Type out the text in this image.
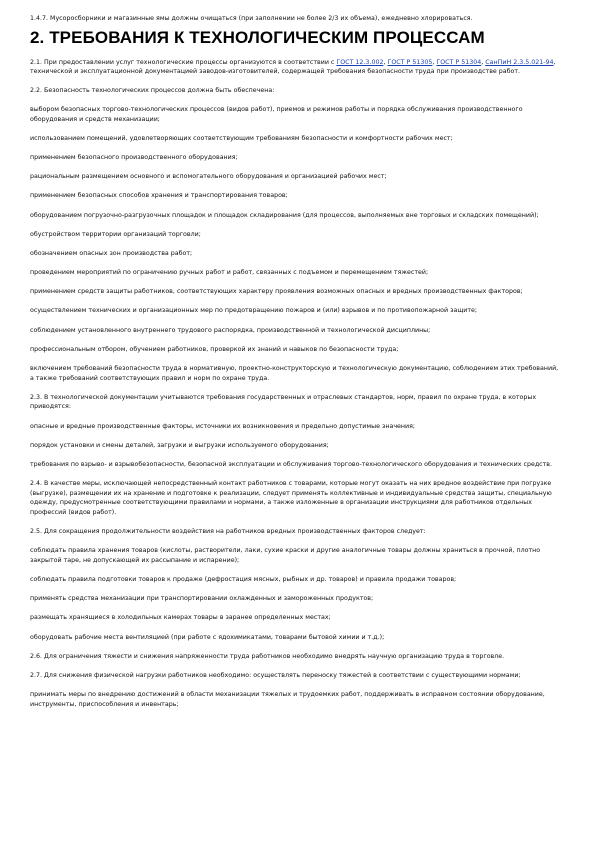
1.4.7. Мусоросборники и магазинные ямы должны очищаться (при заполнении не более 2/3 их объема), ежедневно хлорироваться.

2. ТРЕБОВАНИЯ К ТЕХНОЛОГИЧЕСКИМ ПРОЦЕССАМ

2.1. При предоставлении услуг технологические процессы организуются в соответствии с ГОСТ 12.3.002, ГОСТ Р 51305, ГОСТ Р 51304, СанПиН 2.3.5.021-94, технической и эксплуатационной документацией заводов-изготовителей, содержащей требования безопасности труда при производстве работ.

2.2. Безопасность технологических процессов должна быть обеспечена:

выбором безопасных торгово-технологических процессов (видов работ), приемов и режимов работы и порядка обслуживания производственного оборудования и средств механизации;

использованием помещений, удовлетворяющих соответствующим требованиям безопасности и комфортности рабочих мест;

применением безопасного производственного оборудования;

рациональным размещением основного и вспомогательного оборудования и организацией рабочих мест;

применением безопасных способов хранения и транспортирования товаров;

оборудованием погрузочно-разгрузочных площадок и площадок складирования (для процессов, выполняемых вне торговых и складских помещений);

обустройством территории организаций торговли;

обозначением опасных зон производства работ;

проведением мероприятий по ограничению ручных работ и работ, связанных с подъемом и перемещением тяжестей;

применением средств защиты работников, соответствующих характеру проявления возможных опасных и вредных производственных факторов;

осуществлением технических и организационных мер по предотвращению пожаров и (или) взрывов и по противопожарной защите;

соблюдением установленного внутреннего трудового распорядка, производственной и технологической дисциплины;

профессиональным отбором, обучением работников, проверкой их знаний и навыков по безопасности труда;

включением требований безопасности труда в нормативную, проектно-конструкторскую и технологическую документацию, соблюдением этих требований, а также требований соответствующих правил и норм по охране труда.

2.3. В технологической документации учитываются требования государственных и отраслевых стандартов, норм, правил по охране труда, в которых приводятся:

опасные и вредные производственные факторы, источники их возникновения и предельно допустимые значения;

порядок установки и смены деталей, загрузки и выгрузки используемого оборудования;

требования по взрыво- и взрывобезопасности, безопасной эксплуатации и обслуживания торгово-технологического оборудования и технических средств.

2.4. В качестве меры, исключающей непосредственный контакт работников с товарами, которые могут оказать на них вредное воздействие при погрузке (выгрузке), размещении их на хранение и подготовке к реализации, следует применять коллективные и индивидуальные средства защиты, специальную одежду, предусмотренные соответствующими правилами и нормами, а также изложенные в организации инструкциями для работников отдельных профессий (видов работ).

2.5. Для сокращения продолжительности воздействия на работников вредных производственных факторов следует:

соблюдать правила хранения товаров (кислоты, растворители, лаки, сухие краски и другие аналогичные товары должны храниться в прочной, плотно закрытой таре, не допускающей их рассыпание и испарение);

соблюдать правила подготовки товаров к продаже (дефростация мясных, рыбных и др. товаров) и правила продажи товаров;

применять средства механизации при транспортировании охлажденных и замороженных продуктов;

размещать хранящиеся в холодильных камерах товары в заранее определенных местах;

оборудовать рабочие места вентиляцией (при работе с ядохимикатами, товарами бытовой химии и т.д.);

2.6. Для ограничения тяжести и снижения напряженности труда работников необходимо внедрять научную организацию труда в торговле.

2.7. Для снижения физической нагрузки работников необходимо: осуществлять переноску тяжестей в соответствии с существующими нормами;

принимать меры по внедрению достижений в области механизации тяжелых и трудоемких работ, поддерживать в исправном состоянии оборудование, инструменты, приспособления и инвентарь;
